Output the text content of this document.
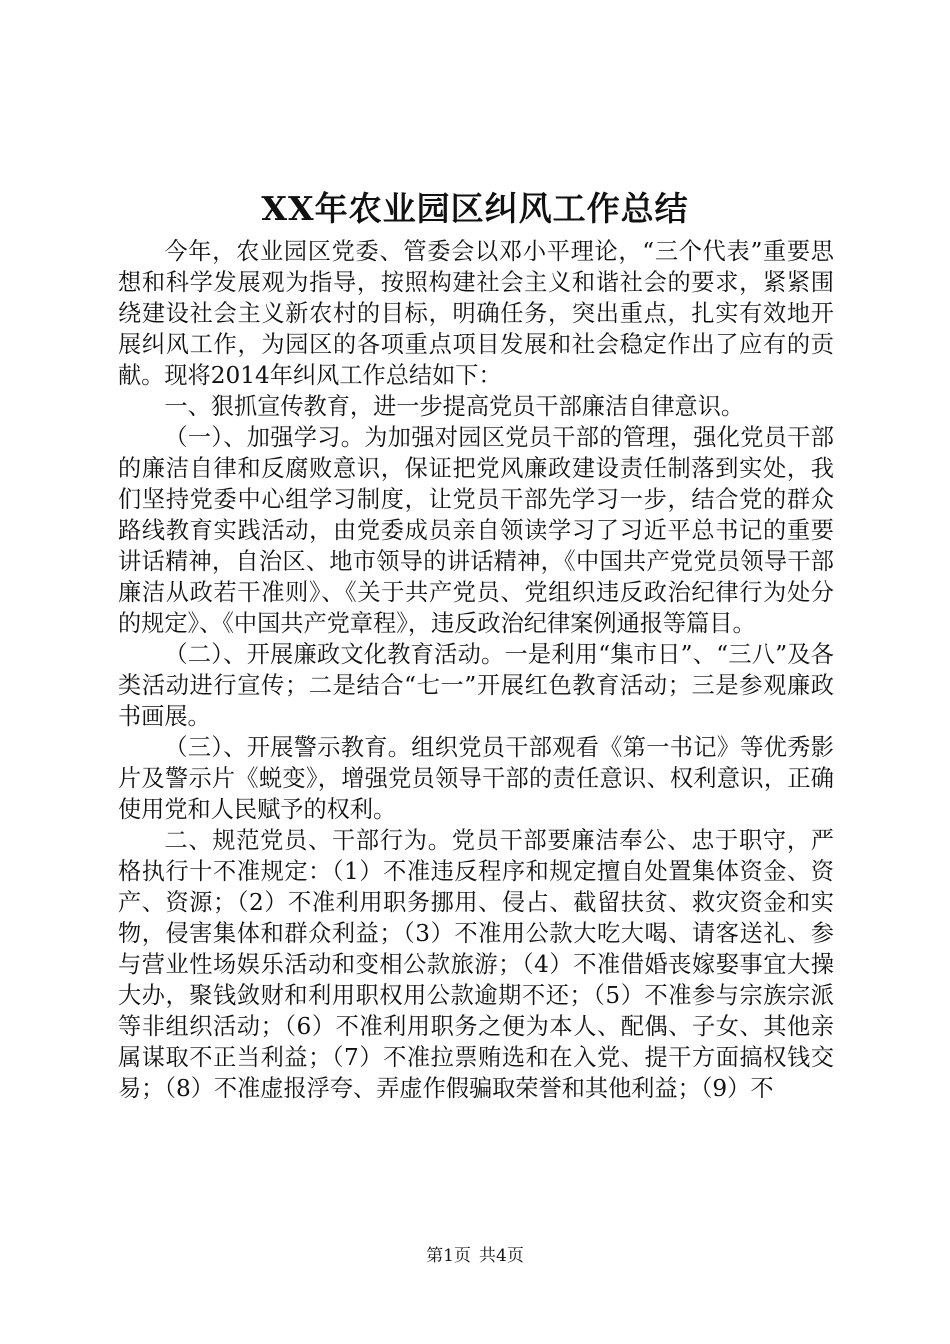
XX年农业园区纠风工作总结

今年，农业园区党委、管委会以邓小平理论，“三个代表”重要思想和科学发展观为指导，按照构建社会主义和谐社会的要求，紧紧围绕建设社会主义新农村的目标，明确任务，突出重点，扎实有效地开展纠风工作，为园区的各项重点项目发展和社会稳定作出了应有的贡献。现将2014年纠风工作总结如下：

一、狠抓宣传教育，进一步提高党员干部廉洁自律意识。

（一）、加强学习。为加强对园区党员干部的管理，强化党员干部的廉洁自律和反腐败意识，保证把党风廉政建设责任制落到实处，我们坚持党委中心组学习制度，让党员干部先学习一步，结合党的群众路线教育实践活动，由党委成员亲自领读学习了习近平总书记的重要讲话精神，自治区、地市领导的讲话精神，《中国共产党党员领导干部廉洁从政若干准则》、《关于共产党员、党组织违反政治纪律行为处分的规定》、《中国共产党章程》，违反政治纪律案例通报等篇目。

（二）、开展廉政文化教育活动。一是利用“集市日”、“三八”及各类活动进行宣传；二是结合“七一”开展红色教育活动；三是参观廉政书画展。

（三）、开展警示教育。组织党员干部观看《第一书记》等优秀影片及警示片《蜕变》，增强党员领导干部的责任意识、权利意识，正确使用党和人民赋予的权利。

二、规范党员、干部行为。党员干部要廉洁奉公、忠于职守，严格执行十不准规定：（1）不准违反程序和规定擅自处置集体资金、资产、资源；（2）不准利用职务挪用、侵占、截留扶贫、救灾资金和实物，侵害集体和群众利益；（3）不准用公款大吃大喝、请客送礼、参与营业性场娱乐活动和变相公款旅游；（4）不准借婚丧嫁娶事宜大操大办，聚钱敛财和利用职权用公款逾期不还；（5）不准参与宗族宗派等非组织活动；（6）不准利用职务之便为本人、配偶、子女、其他亲属谋取不正当利益；（7）不准拉票贿选和在入党、提干方面搞权钱交易；（8）不准虚报浮夸、弄虚作假骗取荣誉和其他利益；（9）不

第1页 共4页
